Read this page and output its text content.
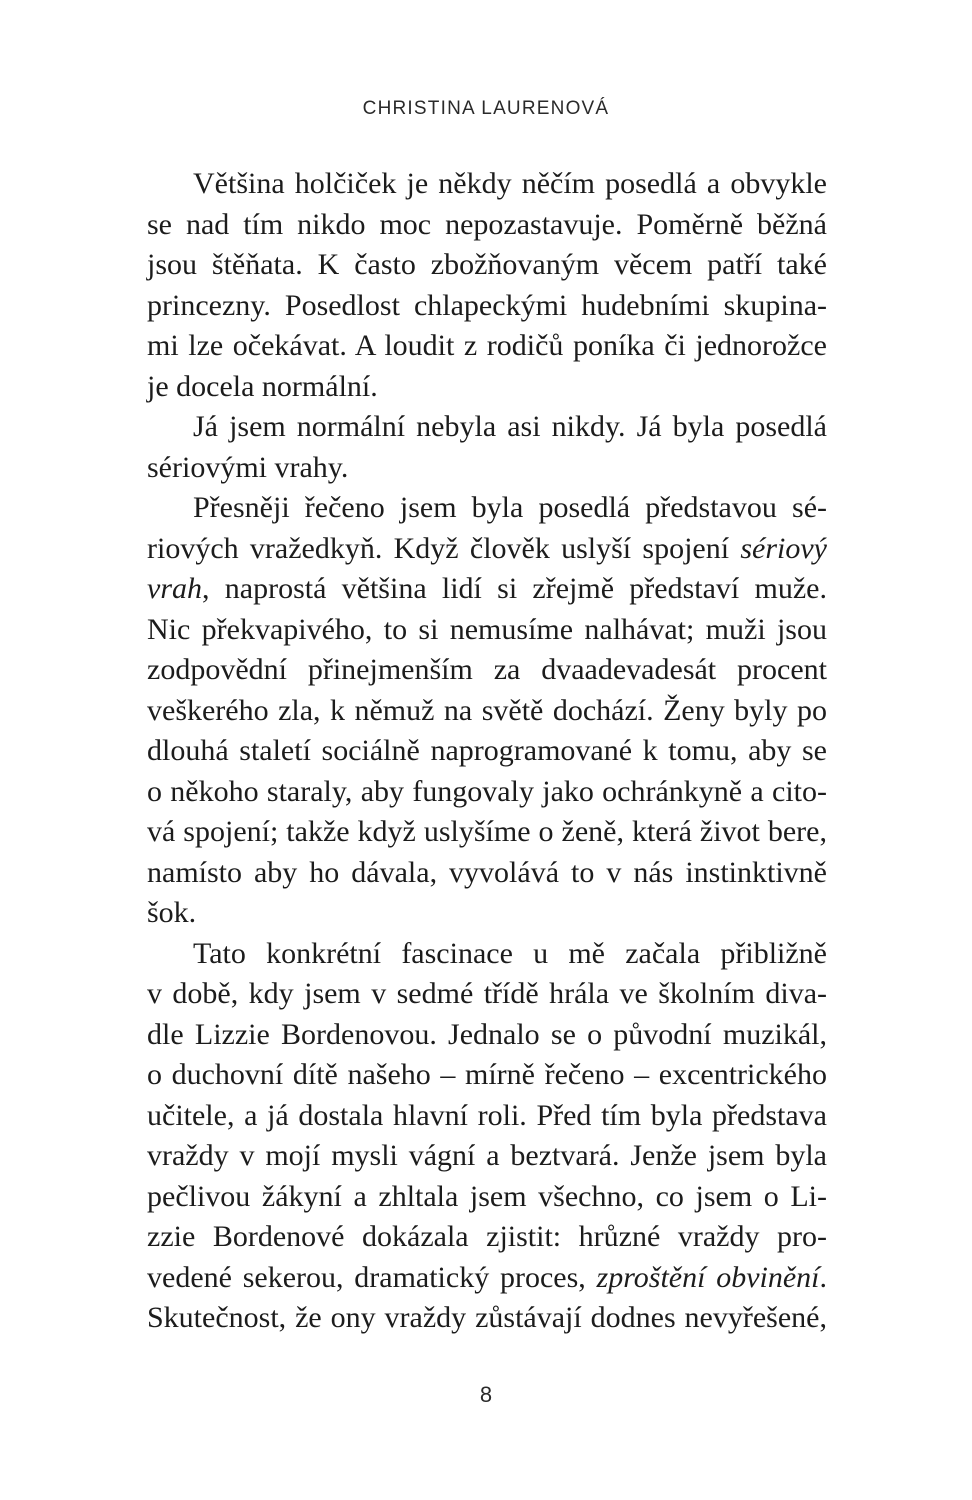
CHRISTINA LAURENOVÁ
Většina holčiček je někdy něčím posedlá a obvykle
se nad tím nikdo moc nepozastavuje. Poměrně běžná
jsou štěňata. K často zbožňovaným věcem patří také
princezny. Posedlost chlapeckými hudebními skupina-
mi lze očekávat. A loudit z rodičů poníka či jednorožce
je docela normální.
Já jsem normální nebyla asi nikdy. Já byla posedlá
sériovými vrahy.
Přesněji řečeno jsem byla posedlá představou sé-
riových vražedkyň. Když člověk uslyší spojení sériový
vrah, naprostá většina lidí si zřejmě představí muže.
Nic překvapivého, to si nemusíme nalhávat; muži jsou
zodpovědní přinejmenším za dvaadevadesát procent
veškerého zla, k němuž na světě dochází. Ženy byly po
dlouhá staletí sociálně naprogramované k tomu, aby se
o někoho staraly, aby fungovaly jako ochránkyně a cito-
vá spojení; takže když uslyšíme o ženě, která život bere,
namísto aby ho dávala, vyvolává to v nás instinktivně
šok.
Tato konkrétní fascinace u mě začala přibližně
v době, kdy jsem v sedmé třídě hrála ve školním diva-
dle Lizzie Bordenovou. Jednalo se o původní muzikál,
o duchovní dítě našeho – mírně řečeno – excentrického
učitele, a já dostala hlavní roli. Před tím byla představa
vraždy v mojí mysli vágní a beztvará. Jenže jsem byla
pečlivou žákyní a zhltala jsem všechno, co jsem o Li-
zzie Bordenové dokázala zjistit: hrůzné vraždy pro-
vedené sekerou, dramatický proces, zproštění obvinění.
Skutečnost, že ony vraždy zůstávají dodnes nevyřešené,
8
